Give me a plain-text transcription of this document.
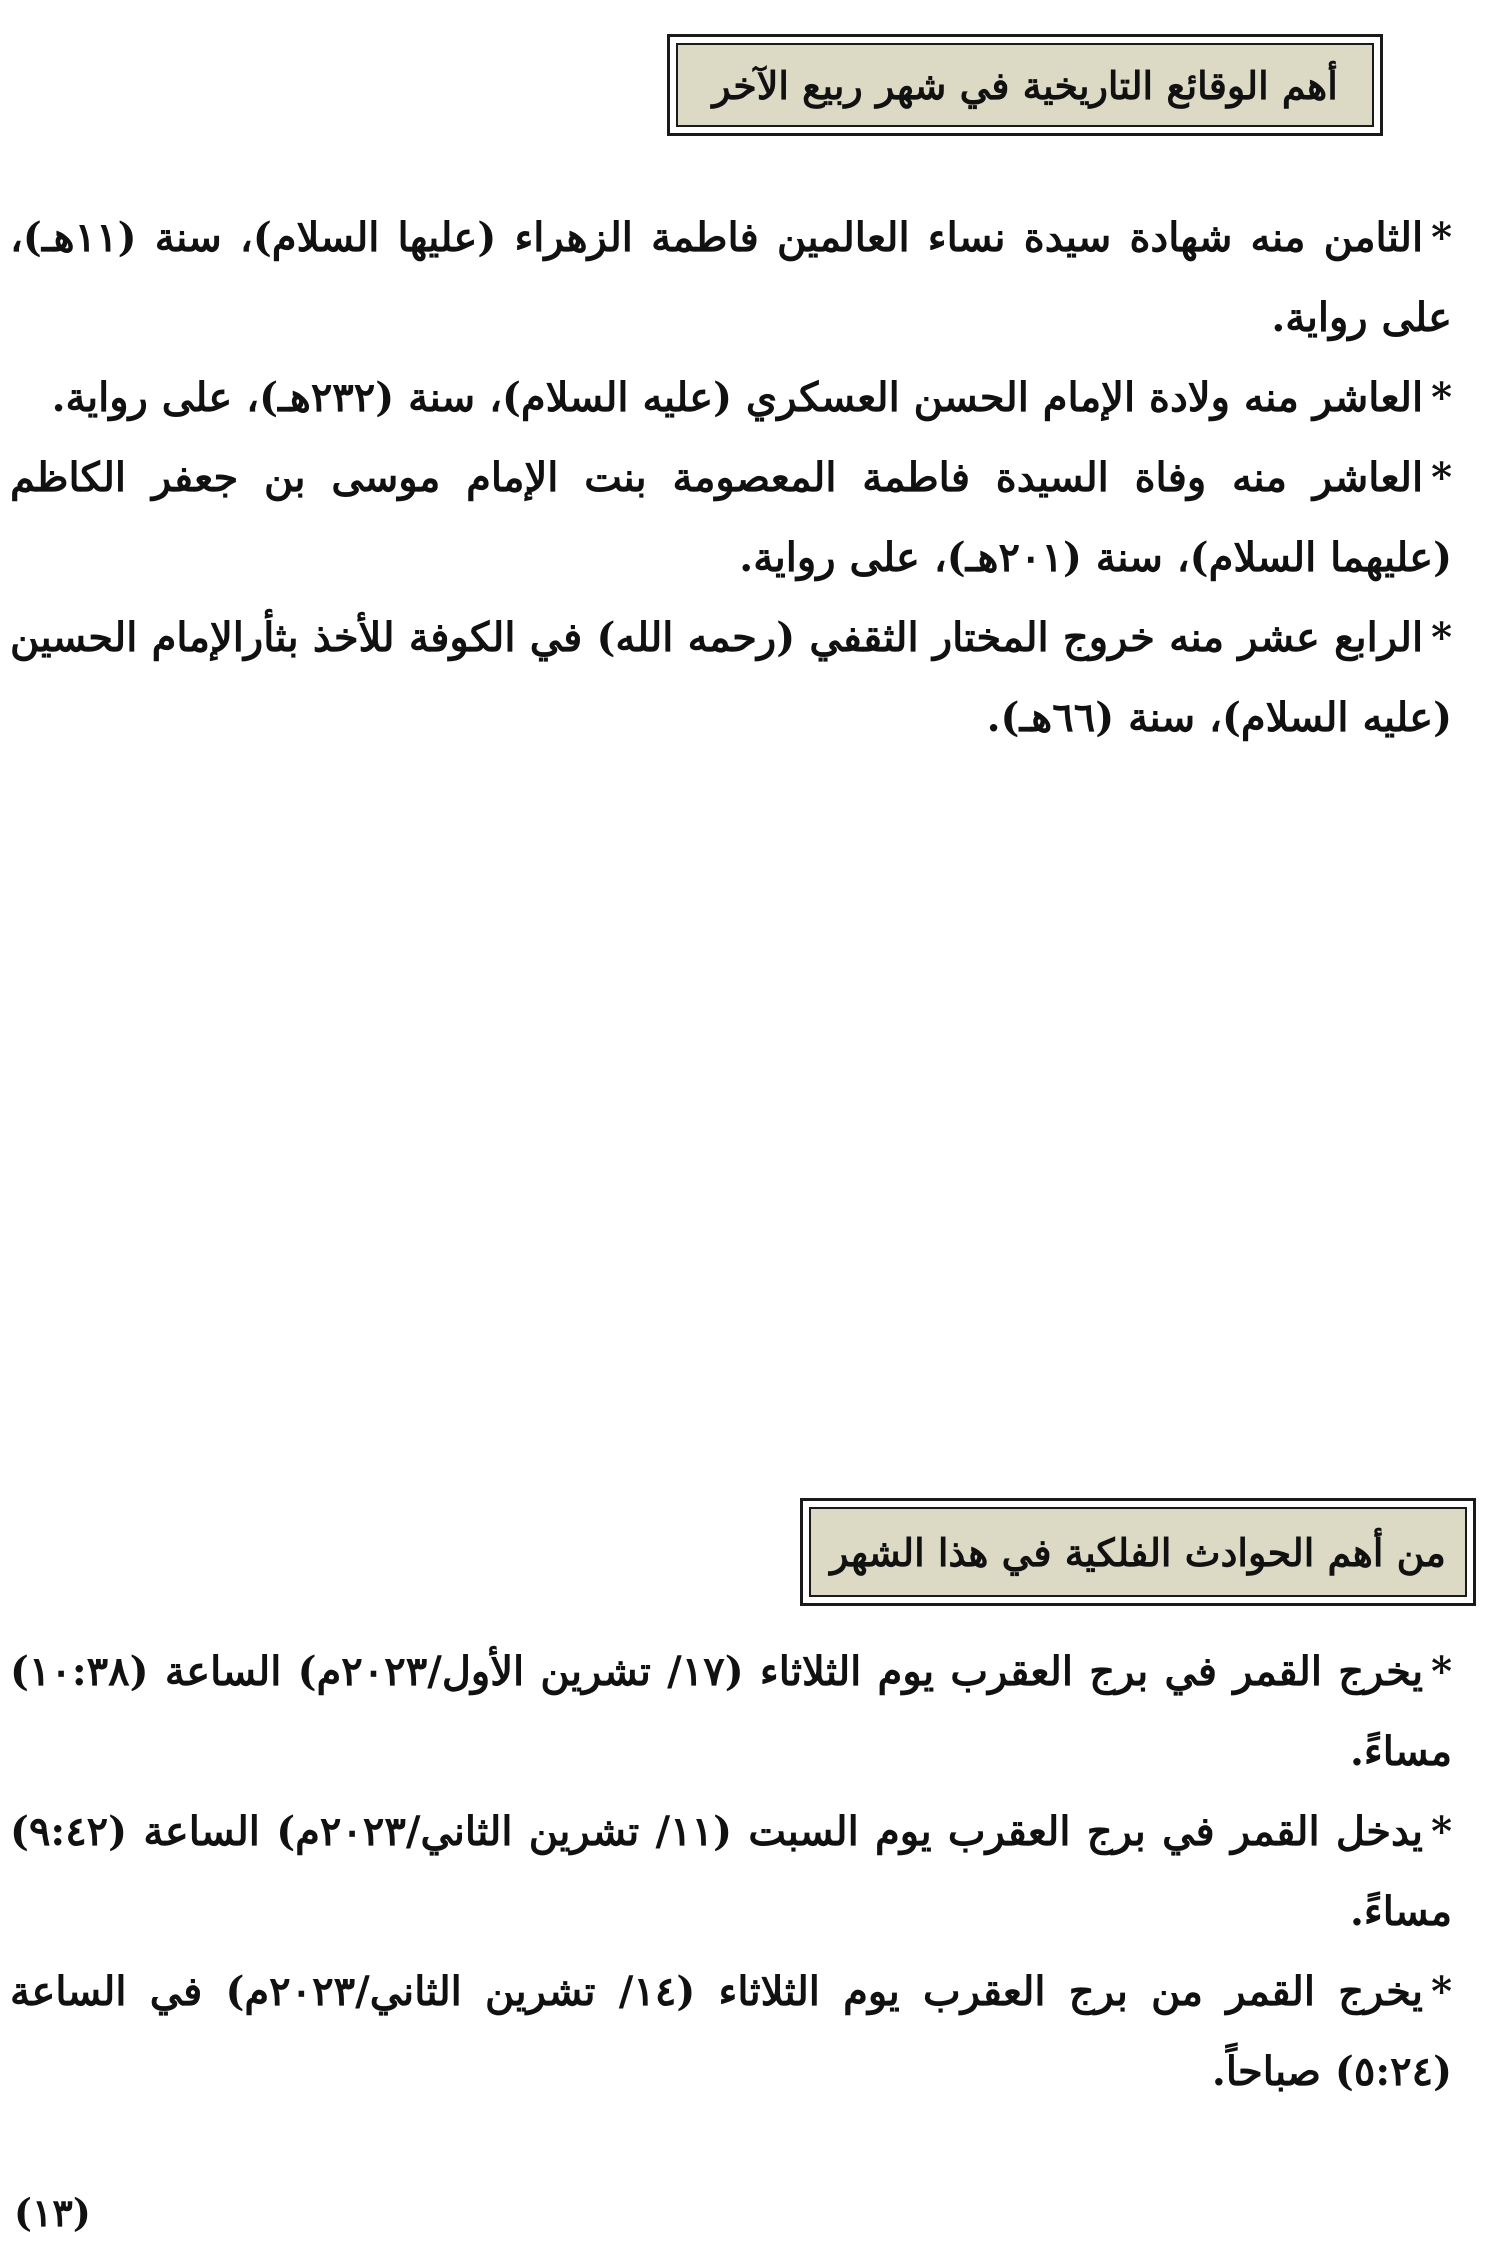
أهم الوقائع التاريخية في شهر ربيع الآخر
*الثامن منه شهادة سيدة نساء العالمين فاطمة الزهراء (عليها السلام)، سنة (١١هـ)، على رواية.
*العاشر منه ولادة الإمام الحسن العسكري (عليه السلام)، سنة (٢٣٢هـ)، على رواية.
*العاشر منه وفاة السيدة فاطمة المعصومة بنت الإمام موسى بن جعفر الكاظم (عليهما السلام)، سنة (٢٠١هـ)، على رواية.
*الرابع عشر منه خروج المختار الثقفي (رحمه الله) في الكوفة للأخذ بثأرالإمام الحسين (عليه السلام)، سنة (٦٦هـ).
من أهم الحوادث الفلكية في هذا الشهر
*يخرج القمر في برج العقرب يوم الثلاثاء (١٧/ تشرين الأول/٢٠٢٣م) الساعة (١٠:٣٨) مساءً.
*يدخل القمر في برج العقرب يوم السبت (١١/ تشرين الثاني/٢٠٢٣م) الساعة (٩:٤٢) مساءً.
*يخرج القمر من برج العقرب يوم الثلاثاء (١٤/ تشرين الثاني/٢٠٢٣م) في الساعة (٥:٢٤) صباحاً.
(١٣)
